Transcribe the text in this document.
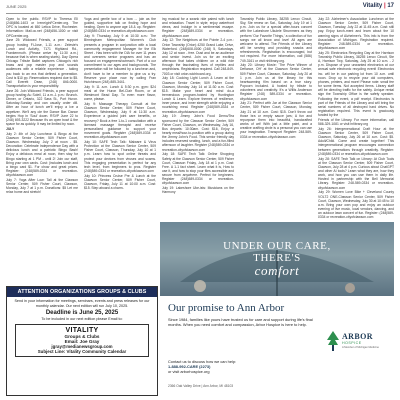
JUNE 2025	Vitality | 17

Open to the public. RSVP to Theresa Ell (248)656-1403 or Irene/ginFCenter.org. The OPC is located at 650 Letica Drive, Rochester. Information: Mail.oc.net (248)656-1000 or visit OPCcenter.org.

June 25: Widowed Friends, a peer support group hosting Fi-Jose, 1-11 a.m.: Zeleste's Lunch and Activity, 7171 Highland Rd., Frankenmuth. (Please arrive by 11:30 a.m.) because that is when seating starts). Day Opera Chicago Tribute Ballet captures Chicago's rich brass and pop master pop and sounds audiences with a reliable experience - taking you back to an era that defined a generation. Cost is $10 pp. Reservations required due to $5. Call Everett Dean, (248) 846-0000. Transportation is your responsibility.

June 26: Join Widowed Friends, a peer support group hosting Au Soleil, 11 a.m.-1 p.m.: Brunch-Dinner, or Ontario, 322 Sass St., Port Huron. Saturday-Sunday and can usually order dill. After an hour of lunch we'll enjoy a Ice a appetizer. We'll any ole the Dance Bar. Dance begins Hop in 'Soul' down. RSVP June 22 to (248) 693-3222 Because it's an open bowl & the space for as quickly. It may be limited by noon.

JULY

July 2: 4th of July Luncheon & Bingo at the Clawson Senior Center, 509 Fisher Court, Clawson. Wednesday, July 2 at noon - $5. Decoration: Celebrate Independence Day with a delicious lunch and a patriotic Bingo Bash! Enjoy a delicious meal at noon, then stay for Bingo starting at 1 PM - until 2! Join our staff, Bring your own cards. Cost: (includes lunch and a bingo card $1. For chow and great prizes. Register: (248)589-0334 or recreation-cityofclawson.com

July 7: Yoga After Low: Tall at the Clawson Senior Center, 509 Fisher Court, Clawson, Monday, July 7 at 1 p.m. Donations: $5 Let me relax home and stretch!

Yoga and gentle tow of a bow ... join as the guided, supportive talk on finding hope and healing. Open to anyone age 18 & up. Register: (248)589-0334 or recreation-cityofclawson.com

July 9: Thursday, July 9 at 10:30 a.m.: The Birmingham Metropolitan Women's Club presents a program in conjunction with a local community engagement Manager for the Elk Street - Has been with the DIA for over 11 years and oversees senior programs and has an focused on engagement/outreach. Part of a our commitment to our ages and backgrounds. The presentation will be followed by a luncheon and, don't have to be a member to give us a try. Reserve your place now by calling Fran Hutchinson (248) 885-3441.

July 9: 11 a.m. Lunch & 5:30 p.m. gym: $24 meal at the Huron Bel-Clair Room, or at Westmont Bead Day. To even more flavor, come, please.

July 9: Massage Therapy Consult at the Clawson Senior Center, 509 Fisher Court, Clawson, Wednesday, July 9 at 11:30 a.m. Experience a guided joint care benefits, or recovery? Book a free 1-to-1 consultation with a licensed massage therapist and receive personalized guidance to support your movement goals. Register (248)589-0334 or recreation-cityofclawson.com

July 10: SAFE Tech Talk: Malware & Virus Protection at the Clawson Senior Center, 509 Fisher Court, Clawson, Thursday, July 10 at 1 p.m. Learn how to spot online threats and protect your devices from viruses and scams. This engaging presentation is perfect for any tech level, from beginners to pros. Register (248)589-0334 or recreation-cityofclawson.com

July 10: Princess Cruise Pre & Lunch at the Clawson Senior Center, 509 Fisher Court, Clawson, Friday, July 11 at 10:00 a.m. Cost: $15. Step aboard a charm-

ing musical for a swank ride paired with lunch and relaxation. Travel in style; enjoy waterfront views, and indulge in a sentimental escape. Register (248)589-0334 or recreation-cityofclawson.com

July 12: The Neighbors at the Pointe 2-4 p.m.: Orion Township (Orion) 4250 Grand Lake, Drive, Waterford. (248)608-0000 (248) 5, Saturdays, July 12 at noon - free. Dust and be an audience and senior invest. Join us for an exciting afternoon that takes children on a wild ride through the fascinating lives of reptiles and amphibians. Registration required. Call 248-849-7003 or visit orion-wichboard.org.

July 18: Cooking Light Lunch & Learn at the Clawson Senior Center, 509 Fisher Court, Clawson, Monday July 14 at 11:30 a.m. Cost: $15. Make your heart and mind do-a tremendous program-hosted by Huntington Lunch & Learn. Explore themes of resilience, inner peace, and inner strength while enjoying a nourishing meal. Register (248)589-0334 or recreation-cityofclawson.com

July 19: Jimmy John's Food Demo/Tea sponsored by the Clawson Senior Center, 509 Fisher Court, Clawson, on Wednesday, July 16, Bus departs: 10:30am. Cost: $16, Enjoy a hearty meal/hour-to-position with a group during the Jimmy John's Food. This senior friendly day includes reserved seating, lunch, and a fun-filled afternoon of laughter. Register (248)589-0334 or recreation-cityofclawson.com

July 18: SAFE Tech Talk: Online Shopping Safety at the Clawson Senior Center, 509 Fisher Court, Clawson Friday, July 18 at 1 p.m. Cost: Free. A 1-1 fact sheet. Learn what it is, How to use it, and how to stop your files accessible and secure from anywhere. Perfect for beginners. Register (248)589-0334 or recreation-cityofclawson.com

July 19: Lakeshore Uke-ists: Musicians on the Harmony

Township Public Library, 38255 Lenox Circuit, Sky, Ste renew on Sat., Saturday, July 19 at 1 p.m. Join us for a special after-hours concert with the Lakeshore Ukulele Strummers as they perform 'Our Favorite Things,' a collection of fun songs we all know and love! All ages are welcome to attend. The Friends of the Library will be serving and providing snacks and refreshments. Registration is encouraged, but not required. For more information, call (586) 749-3161 or visit nhlibrary.org.

July 20: Library Movie: 'The Prize Winner of Defiance, OH' at the Clawson Senior Center, 509 Fisher Court, Clawson, Saturday, July 20 at 1 p.m. Join us at the library for this heartwarming film based on a true story. Popcorn included. A hosted by tribute to volunteers and creativity. It's a Willis Anderson Register (248) 589-0334 or recreation-cityofclawson.com

July 21: Perfect with Jar at the Clawson Senior Center, 509 Fisher Court, Clawson, Monday, July 21 at 10 a.m. Cost: $15. Don't throw out those bra or empty sauce jars; A fun and repurpose them into beautiful, handcrafted works of art! With just a little paint, and a creative crafting circle is a personal you can use your imagination. Transport Register: 248-589-0334 or recreation-cityofclawson.com

July 22: Alzheimer's Association Luncheon at the Clawson Senior Center, 509 Fisher Court, Clawson, Tuesday, July 22 at 11:45 a.m. Cost: still pay. Enjoy lunch-ment and learn about the 10 warning signs of Alzheimer's. This info is from the Association of Michigan. Registration required. Register: 248-589-0334 or recreation-cityofclawson.com

July 25: Electronics Recycling Day at the Harrison Township Public Library, 38255 Lenox Circuit, Ste A, Harrison Twp, Saturday, July 25 at 10 a.m. - 2 p.m. Dispose of your unwanted electronics at our annual safe electronic recycling event! Electronics inc. will be in our parking lot from 10 a.m. until noon. Drop up to recycle your old computers, phones, printers, and more! Please note: small fee for some items. Not accepted items. Library staff will be directing traffic for the safety. Unique rental sign the Township Office is the safety speaker. Following the event, a pdf receipt. Electronics is part of the Friends of the Library and will bring the serial numbers of all destroyed hard drives. No registration required. This event is graciously funded by the

Friends of the Library. For more information, call 586-329-1081 or visit hrlibrary.org

July 26: Intergenerational Craft Hour at the Clawson Senior Center, 509 Fisher Court, Clawson, Saturday, July 26 at 10 a.m. Cost: $5. Adult/Child. Come and create together! This intergenerational program encourages connection between generations through creativity. Register: (248)589-0334 or recreation-cityofclawson.com

July 28: SAFE Tech Talk on Library: At Club Tools at the Clawson Senior Center, 509 Fisher Court, Clawson, July 28 at 4 p.m. Curious about ChatGPT and other AI tools? Learn what they are, how they work, and how you can use them in daily life. Hosted in partnership with the Bell Memorial Library. Register: 248-589-0334 or recreation-cityofclawson.com

July 29: Women Love Bike + Cleveland County VOLT2 ONE-Clawson Senior Center, 509 Fisher Court, Clawson, Wednesday, July 30 at 10:45 to 10 a.m. Bring your own pop and enjoy an outdoor evening of live music, local vendors, dancing, and an outdoor lawn concert of fun. Register: (248)589-0334 or recreation-cityofclawson.com

ATTENTION ORGANIZATIONS GROUPS & CLUBS
Send in your information for meetings, seminars, events and press releases for our monthly calendar. Our next edition will run July 10, 2025.
Deadline is June 25, 2025
To be included in our next edition please Email to:
VITALITY
Groups & Clubs
Email: Joe Gray
jgray@medianewsgroup.com
Subject Line: Vitality Community Calendar
UNDER OUR CARE,
THERE'S
comfort
Our promise to Ann Arbor
Since 1984, families like yours have trusted us for care and support during life's final months. When you need comfort and compassion, Arbor Hospice is here to help.
Contact us to discuss how we can help:
1-888-992-CARE (2273)
or visit arborhospice.org
2366 Oak Valley Drive | Ann Arbor, MI 48103
ARBOR
HOSPICE
A Member of Michigan Medicine
